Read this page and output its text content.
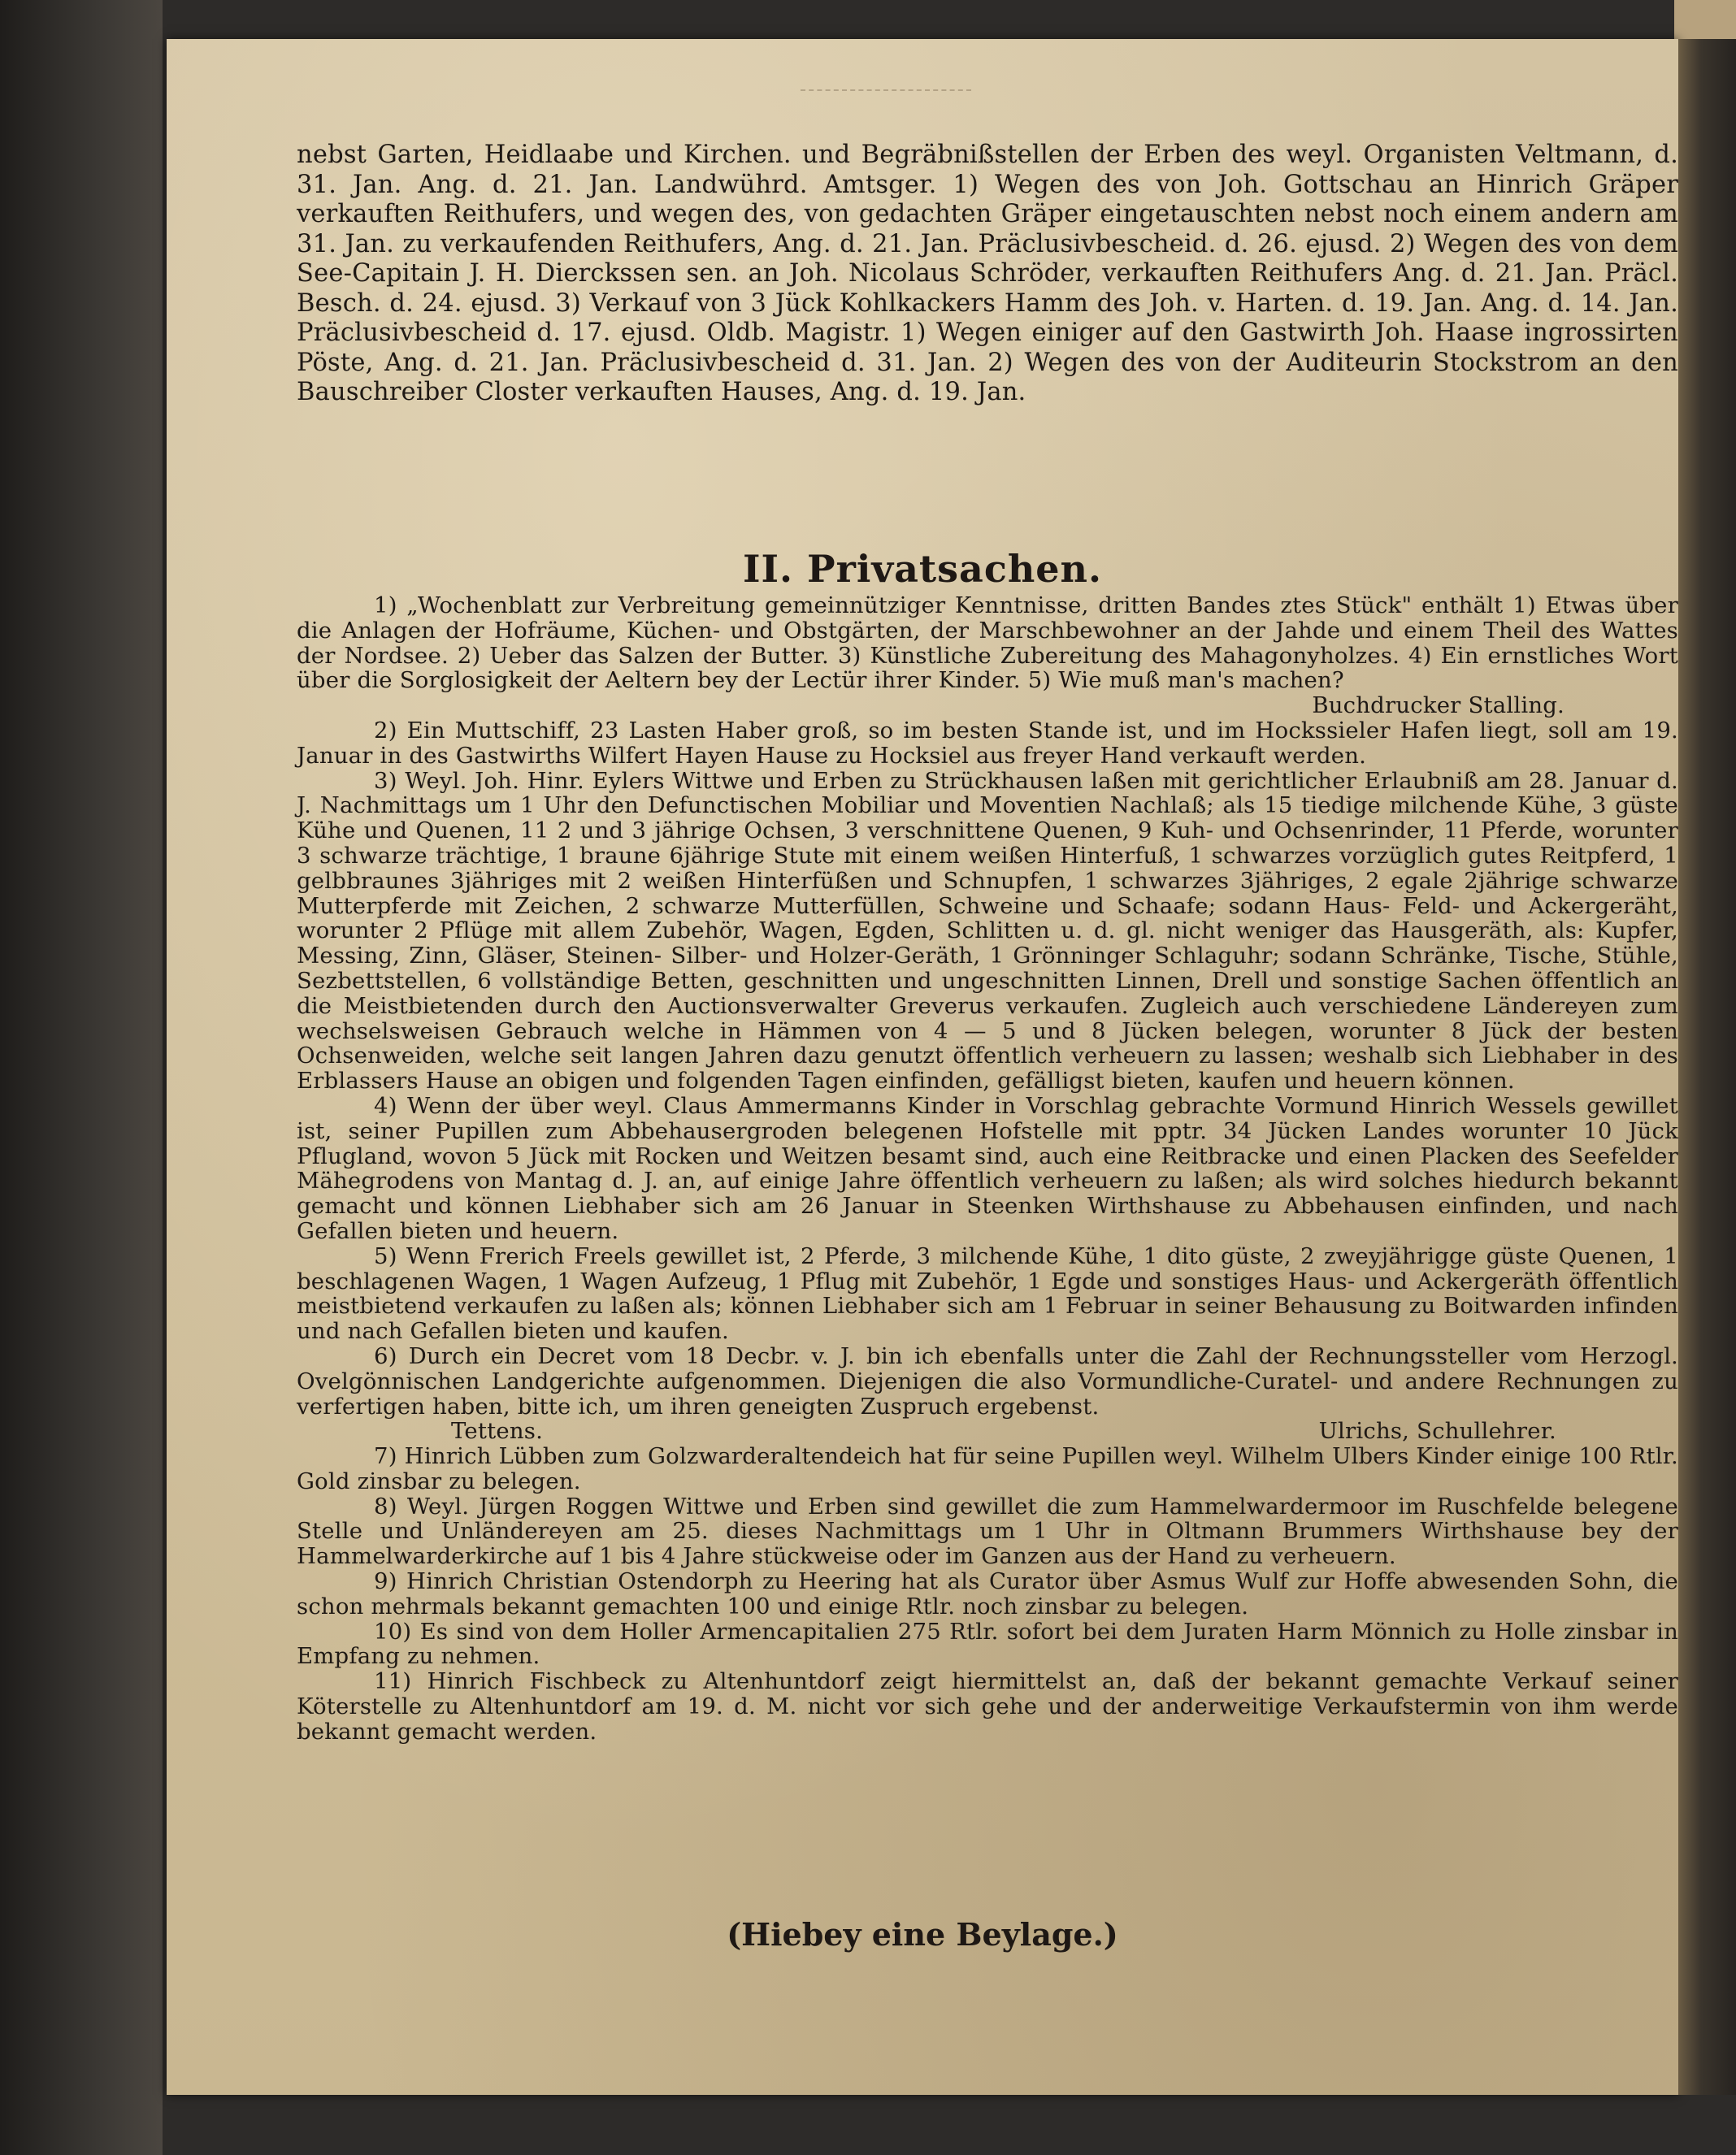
nebst Garten, Heidlaabe und Kirchen. und Begräbnißstellen der Erben des weyl. Organisten Veltmann, d. 31. Jan. Ang. d. 21. Jan. Landwührd. Amtsger. 1) Wegen des von Joh. Gottschau an Hinrich Gräper verkauften Reithufers, und wegen des, von gedachten Gräper eingetauschten nebst noch einem andern am 31. Jan. zu verkaufenden Reithufers, Ang. d. 21. Jan. Präclusivbescheid. d. 26. ejusd. 2) Wegen des von dem See-Capitain J. H. Dierckssen sen. an Joh. Nicolaus Schröder, verkauften Reithufers Ang. d. 21. Jan. Präcl. Besch. d. 24. ejusd. 3) Verkauf von 3 Jück Kohlkackers Hamm des Joh. v. Harten. d. 19. Jan. Ang. d. 14. Jan. Präclusivbescheid d. 17. ejusd. Oldb. Magistr. 1) Wegen einiger auf den Gastwirth Joh. Haase ingrossirten Pöste, Ang. d. 21. Jan. Präclusivbescheid d. 31. Jan. 2) Wegen des von der Auditeurin Stockstrom an den Bauschreiber Closter verkauften Hauses, Ang. d. 19. Jan.

II. Privatsachen.

1) „Wochenblatt zur Verbreitung gemeinnütziger Kenntnisse, dritten Bandes ztes Stück" enthält 1) Etwas über die Anlagen der Hofräume, Küchen- und Obstgärten, der Marschbewohner an der Jahde und einem Theil des Wattes der Nordsee. 2) Ueber das Salzen der Butter. 3) Künstliche Zubereitung des Mahagonyholzes. 4) Ein ernstliches Wort über die Sorglosigkeit der Aeltern bey der Lectür ihrer Kinder. 5) Wie muß man's machen?

Buchdrucker Stalling.

2) Ein Muttschiff, 23 Lasten Haber groß, so im besten Stande ist, und im Hockssieler Hafen liegt, soll am 19. Januar in des Gastwirths Wilfert Hayen Hause zu Hocksiel aus freyer Hand verkauft werden.

3) Weyl. Joh. Hinr. Eylers Wittwe und Erben zu Strückhausen laßen mit gerichtlicher Erlaubniß am 28. Januar d. J. Nachmittags um 1 Uhr den Defunctischen Mobiliar und Moventien Nachlaß; als 15 tiedige milchende Kühe, 3 güste Kühe und Quenen, 11 2 und 3 jährige Ochsen, 3 verschnittene Quenen, 9 Kuh- und Ochsenrinder, 11 Pferde, worunter 3 schwarze trächtige, 1 braune 6jährige Stute mit einem weißen Hinterfuß, 1 schwarzes vorzüglich gutes Reitpferd, 1 gelbbraunes 3jähriges mit 2 weißen Hinterfüßen und Schnupfen, 1 schwarzes 3jähriges, 2 egale 2jährige schwarze Mutterpferde mit Zeichen, 2 schwarze Mutterfüllen, Schweine und Schaafe; sodann Haus- Feld- und Ackergeräht, worunter 2 Pflüge mit allem Zubehör, Wagen, Egden, Schlitten u. d. gl. nicht weniger das Hausgeräth, als: Kupfer, Messing, Zinn, Gläser, Steinen- Silber- und Holzer-Geräth, 1 Grönninger Schlaguhr; sodann Schränke, Tische, Stühle, Sezbettstellen, 6 vollständige Betten, geschnitten und ungeschnitten Linnen, Drell und sonstige Sachen öffentlich an die Meistbietenden durch den Auctionsverwalter Greverus verkaufen. Zugleich auch verschiedene Ländereyen zum wechselsweisen Gebrauch welche in Hämmen von 4 — 5 und 8 Jücken belegen, worunter 8 Jück der besten Ochsenweiden, welche seit langen Jahren dazu genutzt öffentlich verheuern zu lassen; weshalb sich Liebhaber in des Erblassers Hause an obigen und folgenden Tagen einfinden, gefälligst bieten, kaufen und heuern können.

4) Wenn der über weyl. Claus Ammermanns Kinder in Vorschlag gebrachte Vormund Hinrich Wessels gewillet ist, seiner Pupillen zum Abbehausergroden belegenen Hofstelle mit pptr. 34 Jücken Landes worunter 10 Jück Pflugland, wovon 5 Jück mit Rocken und Weitzen besamt sind, auch eine Reitbracke und einen Placken des Seefelder Mähegrodens von Mantag d. J. an, auf einige Jahre öffentlich verheuern zu laßen; als wird solches hiedurch bekannt gemacht und können Liebhaber sich am 26 Januar in Steenken Wirthshause zu Abbehausen einfinden, und nach Gefallen bieten und heuern.

5) Wenn Frerich Freels gewillet ist, 2 Pferde, 3 milchende Kühe, 1 dito güste, 2 zweyjährigge güste Quenen, 1 beschlagenen Wagen, 1 Wagen Aufzeug, 1 Pflug mit Zubehör, 1 Egde und sonstiges Haus- und Ackergeräth öffentlich meistbietend verkaufen zu laßen als; können Liebhaber sich am 1 Februar in seiner Behausung zu Boitwarden infinden und nach Gefallen bieten und kaufen.

6) Durch ein Decret vom 18 Decbr. v. J. bin ich ebenfalls unter die Zahl der Rechnungssteller vom Herzogl. Ovelgönnischen Landgerichte aufgenommen. Diejenigen die also Vormundliche-Curatel- und andere Rechnungen zu verfertigen haben, bitte ich, um ihren geneigten Zuspruch ergebenst.

Tettens.	Ulrichs, Schullehrer.

7) Hinrich Lübben zum Golzwarderaltendeich hat für seine Pupillen weyl. Wilhelm Ulbers Kinder einige 100 Rtlr. Gold zinsbar zu belegen.

8) Weyl. Jürgen Roggen Wittwe und Erben sind gewillet die zum Hammelwardermoor im Ruschfelde belegene Stelle und Unländereyen am 25. dieses Nachmittags um 1 Uhr in Oltmann Brummers Wirthshause bey der Hammelwarderkirche auf 1 bis 4 Jahre stückweise oder im Ganzen aus der Hand zu verheuern.

9) Hinrich Christian Ostendorph zu Heering hat als Curator über Asmus Wulf zur Hoffe abwesenden Sohn, die schon mehrmals bekannt gemachten 100 und einige Rtlr. noch zinsbar zu belegen.

10) Es sind von dem Holler Armencapitalien 275 Rtlr. sofort bei dem Juraten Harm Mönnich zu Holle zinsbar in Empfang zu nehmen.

11) Hinrich Fischbeck zu Altenhuntdorf zeigt hiermittelst an, daß der bekannt gemachte Verkauf seiner Köterstelle zu Altenhuntdorf am 19. d. M. nicht vor sich gehe und der anderweitige Verkaufstermin von ihm werde bekannt gemacht werden.

(Hiebey eine Beylage.)
